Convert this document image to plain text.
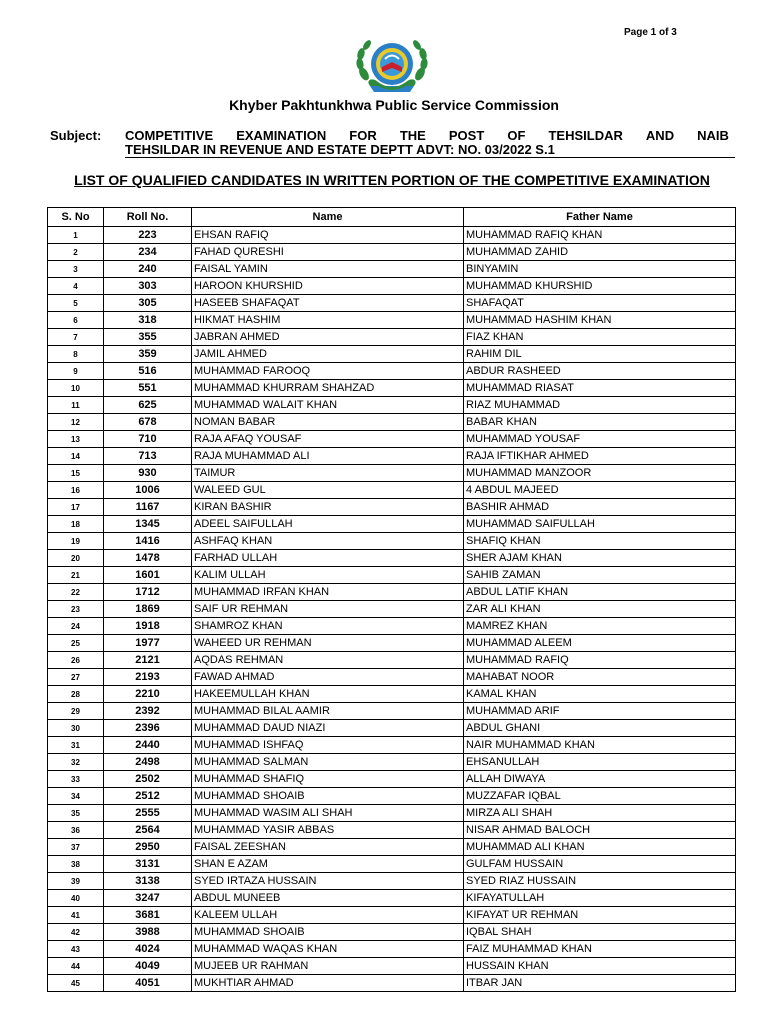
Page 1 of 3
Khyber Pakhtunkhwa Public Service Commission
Subject: COMPETITIVE EXAMINATION FOR THE POST OF TEHSILDAR AND NAIB
TEHSILDAR IN REVENUE AND ESTATE DEPTT ADVT: NO. 03/2022 S.1
LIST OF QUALIFIED CANDIDATES IN WRITTEN PORTION OF THE COMPETITIVE EXAMINATION
S. No	Roll No.	Name	Father Name
1	223	EHSAN RAFIQ	MUHAMMAD RAFIQ KHAN
2	234	FAHAD QURESHI	MUHAMMAD ZAHID
3	240	FAISAL YAMIN	BINYAMIN
4	303	HAROON KHURSHID	MUHAMMAD KHURSHID
5	305	HASEEB SHAFAQAT	SHAFAQAT
6	318	HIKMAT HASHIM	MUHAMMAD HASHIM KHAN
7	355	JABRAN AHMED	FIAZ KHAN
8	359	JAMIL AHMED	RAHIM DIL
9	516	MUHAMMAD FAROOQ	ABDUR RASHEED
10	551	MUHAMMAD KHURRAM SHAHZAD	MUHAMMAD RIASAT
11	625	MUHAMMAD WALAIT KHAN	RIAZ MUHAMMAD
12	678	NOMAN BABAR	BABAR KHAN
13	710	RAJA AFAQ YOUSAF	MUHAMMAD YOUSAF
14	713	RAJA MUHAMMAD ALI	RAJA IFTIKHAR AHMED
15	930	TAIMUR	MUHAMMAD MANZOOR
16	1006	WALEED GUL	4 ABDUL MAJEED
17	1167	KIRAN BASHIR	BASHIR AHMAD
18	1345	ADEEL SAIFULLAH	MUHAMMAD SAIFULLAH
19	1416	ASHFAQ KHAN	SHAFIQ KHAN
20	1478	FARHAD ULLAH	SHER AJAM KHAN
21	1601	KALIM ULLAH	SAHIB ZAMAN
22	1712	MUHAMMAD IRFAN KHAN	ABDUL LATIF KHAN
23	1869	SAIF UR REHMAN	ZAR ALI KHAN
24	1918	SHAMROZ KHAN	MAMREZ KHAN
25	1977	WAHEED UR REHMAN	MUHAMMAD ALEEM
26	2121	AQDAS REHMAN	MUHAMMAD RAFIQ
27	2193	FAWAD AHMAD	MAHABAT NOOR
28	2210	HAKEEMULLAH KHAN	KAMAL KHAN
29	2392	MUHAMMAD BILAL AAMIR	MUHAMMAD ARIF
30	2396	MUHAMMAD DAUD NIAZI	ABDUL GHANI
31	2440	MUHAMMAD ISHFAQ	NAIR MUHAMMAD KHAN
32	2498	MUHAMMAD SALMAN	EHSANULLAH
33	2502	MUHAMMAD SHAFIQ	ALLAH DIWAYA
34	2512	MUHAMMAD SHOAIB	MUZZAFAR IQBAL
35	2555	MUHAMMAD WASIM ALI SHAH	MIRZA ALI SHAH
36	2564	MUHAMMAD YASIR ABBAS	NISAR AHMAD BALOCH
37	2950	FAISAL ZEESHAN	MUHAMMAD ALI KHAN
38	3131	SHAN E AZAM	GULFAM HUSSAIN
39	3138	SYED IRTAZA HUSSAIN	SYED RIAZ HUSSAIN
40	3247	ABDUL MUNEEB	KIFAYATULLAH
41	3681	KALEEM ULLAH	KIFAYAT UR REHMAN
42	3988	MUHAMMAD SHOAIB	IQBAL SHAH
43	4024	MUHAMMAD WAQAS KHAN	FAIZ MUHAMMAD KHAN
44	4049	MUJEEB UR RAHMAN	HUSSAIN KHAN
45	4051	MUKHTIAR AHMAD	ITBAR JAN
